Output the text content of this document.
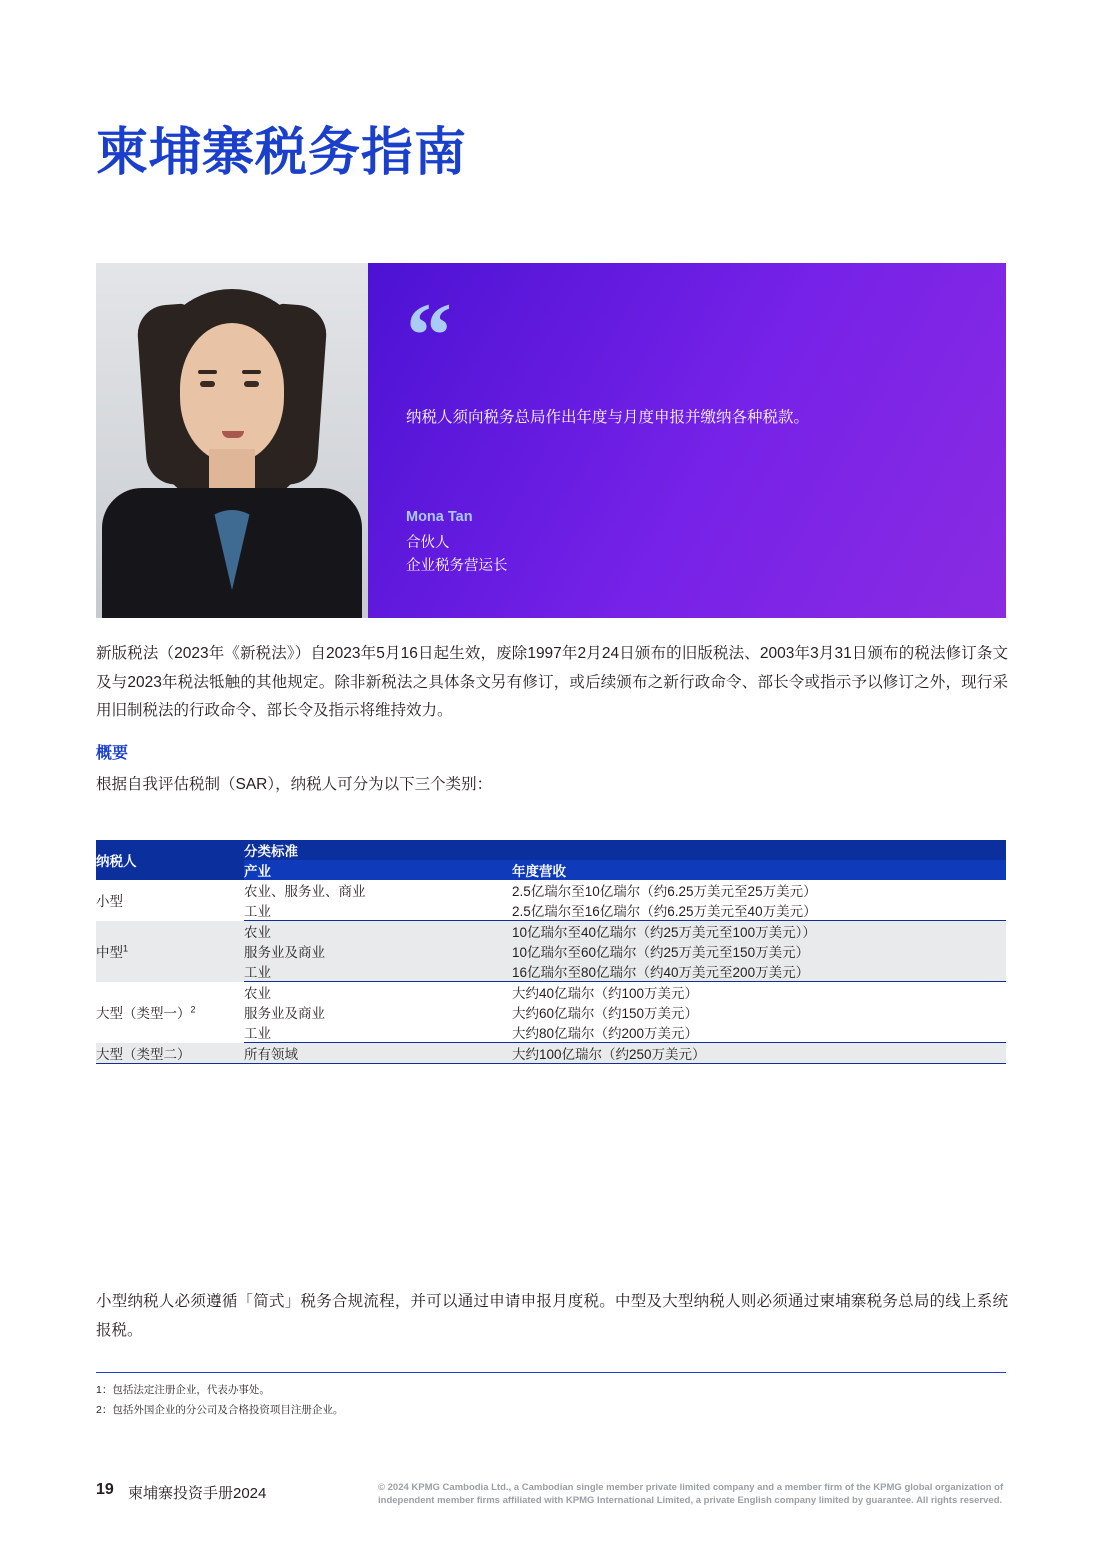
柬埔寨税务指南
“
纳税人须向税务总局作出年度与月度申报并缴纳各种税款。
Mona Tan
合伙人
企业税务营运长
新版税法（2023年《新税法》）自2023年5月16日起生效，废除1997年2月24日颁布的旧版税法、2003年3月31日颁布的税法修订条文及与2023年税法牴触的其他规定。除非新税法之具体条文另有修订，或后续颁布之新行政命令、部长令或指示予以修订之外，现行采用旧制税法的行政命令、部长令及指示将维持效力。
概要
根据自我评估税制（SAR），纳税人可分为以下三个类别：
纳税人	分类标准	
	产业	年度营收
小型	农业、服务业、商业	2.5亿瑞尔至10亿瑞尔（约6.25万美元至25万美元）
	工业	2.5亿瑞尔至16亿瑞尔（约6.25万美元至40万美元）
中型$^1$	农业	10亿瑞尔至40亿瑞尔（约25万美元至100万美元））
	服务业及商业	10亿瑞尔至60亿瑞尔（约25万美元至150万美元）
	工业	16亿瑞尔至80亿瑞尔（约40万美元至200万美元）
大型（类型一）$^2$	农业	大约40亿瑞尔（约100万美元）
	服务业及商业	大约60亿瑞尔（约150万美元）
	工业	大约80亿瑞尔（约200万美元）
大型（类型二）	所有领域	大约100亿瑞尔（约250万美元）
小型纳税人必须遵循「简式」税务合规流程，并可以通过申请申报月度税。中型及大型纳税人则必须通过柬埔寨税务总局的线上系统报税。
1：包括法定注册企业，代表办事处。
2：包括外国企业的分公司及合格投资项目注册企业。
19 柬埔寨投资手册2024	© 2024 KPMG Cambodia Ltd., a Cambodian single member private limited company and a member firm of the KPMG global organization of independent member firms affiliated with KPMG International Limited, a private English company limited by guarantee. All rights reserved.
